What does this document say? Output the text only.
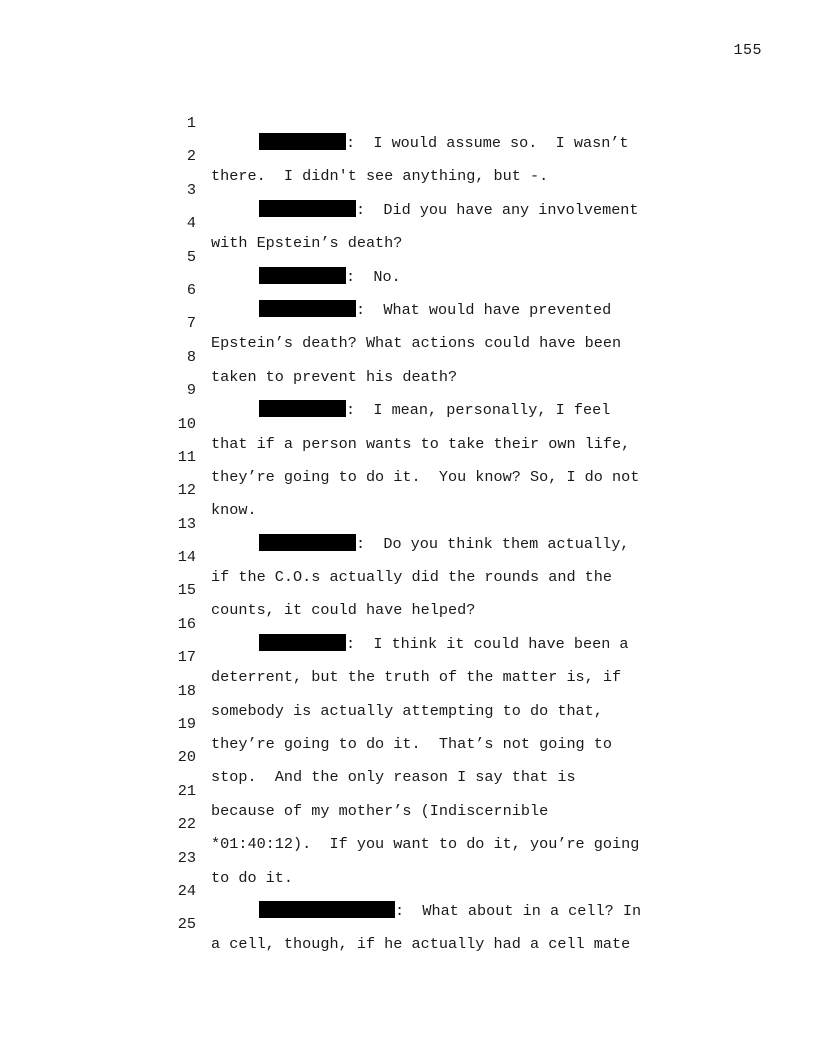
155

1

:  I would assume so.  I wasn’t

2

there.  I didn't see anything, but -.

3

:  Did you have any involvement

4

with Epstein’s death?

5

:  No.

6

:  What would have prevented

7

Epstein’s death? What actions could have been

8

taken to prevent his death?

9

:  I mean, personally, I feel

10

that if a person wants to take their own life,

11

they’re going to do it.  You know? So, I do not

12

know.

13

:  Do you think them actually,

14

if the C.O.s actually did the rounds and the

15

counts, it could have helped?

16

:  I think it could have been a

17

deterrent, but the truth of the matter is, if

18

somebody is actually attempting to do that,

19

they’re going to do it.  That’s not going to

20

stop.  And the only reason I say that is

21

because of my mother’s (Indiscernible

22

*01:40:12).  If you want to do it, you’re going

23

to do it.

24

:  What about in a cell? In

25

a cell, though, if he actually had a cell mate
